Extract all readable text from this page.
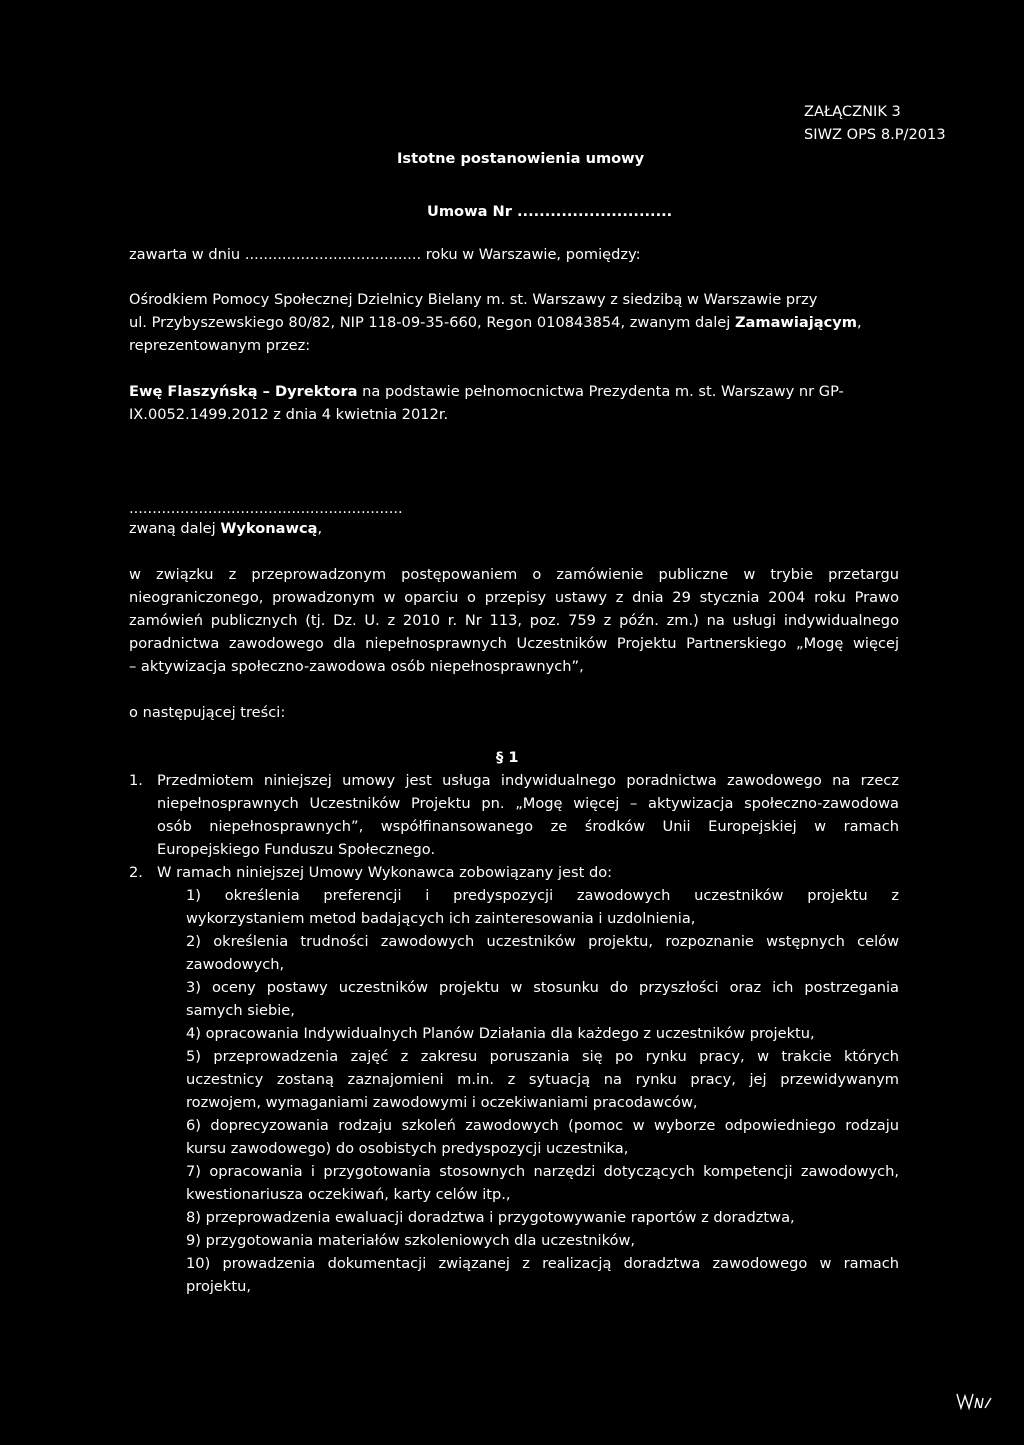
ZAŁĄCZNIK 3
SIWZ OPS 8.P/2013
Istotne postanowienia umowy
Umowa Nr ............................
zawarta w dniu ...................................... roku w Warszawie, pomiędzy:
Ośrodkiem Pomocy Społecznej Dzielnicy Bielany m. st. Warszawy z siedzibą w Warszawie przy
ul. Przybyszewskiego 80/82, NIP 118-09-35-660, Regon 010843854, zwanym dalej Zamawiającym,
reprezentowanym przez:
Ewę Flaszyńską – Dyrektora na podstawie pełnomocnictwa Prezydenta m. st. Warszawy nr GP-
IX.0052.1499.2012 z dnia 4 kwietnia 2012r.
...........................................................
zwaną dalej Wykonawcą,
w związku z przeprowadzonym postępowaniem o zamówienie publiczne w trybie przetargu
nieograniczonego, prowadzonym w oparciu o przepisy ustawy z dnia 29 stycznia 2004 roku Prawo
zamówień publicznych (tj. Dz. U. z 2010 r. Nr 113, poz. 759 z późn. zm.) na usługi indywidualnego
poradnictwa zawodowego dla niepełnosprawnych Uczestników Projektu Partnerskiego „Mogę więcej
– aktywizacja społeczno-zawodowa osób niepełnosprawnych”,
o następującej treści:
§ 1
1. Przedmiotem niniejszej umowy jest usługa indywidualnego poradnictwa zawodowego na rzecz
niepełnosprawnych Uczestników Projektu pn. „Mogę więcej – aktywizacja społeczno-zawodowa
osób niepełnosprawnych”, współfinansowanego ze środków Unii Europejskiej w ramach
Europejskiego Funduszu Społecznego.
2. W ramach niniejszej Umowy Wykonawca zobowiązany jest do:
1) określenia preferencji i predyspozycji zawodowych uczestników projektu z
wykorzystaniem metod badających ich zainteresowania i uzdolnienia,
2) określenia trudności zawodowych uczestników projektu, rozpoznanie wstępnych celów
zawodowych,
3) oceny postawy uczestników projektu w stosunku do przyszłości oraz ich postrzegania
samych siebie,
4) opracowania Indywidualnych Planów Działania dla każdego z uczestników projektu,
5) przeprowadzenia zajęć z zakresu poruszania się po rynku pracy, w trakcie których
uczestnicy zostaną zaznajomieni m.in. z sytuacją na rynku pracy, jej przewidywanym
rozwojem, wymaganiami zawodowymi i oczekiwaniami pracodawców,
6) doprecyzowania rodzaju szkoleń zawodowych (pomoc w wyborze odpowiedniego rodzaju
kursu zawodowego) do osobistych predyspozycji uczestnika,
7) opracowania i przygotowania stosownych narzędzi dotyczących kompetencji zawodowych,
kwestionariusza oczekiwań, karty celów itp.,
8) przeprowadzenia ewaluacji doradztwa i przygotowywanie raportów z doradztwa,
9) przygotowania materiałów szkoleniowych dla uczestników,
10) prowadzenia dokumentacji związanej z realizacją doradztwa zawodowego w ramach
projektu,
